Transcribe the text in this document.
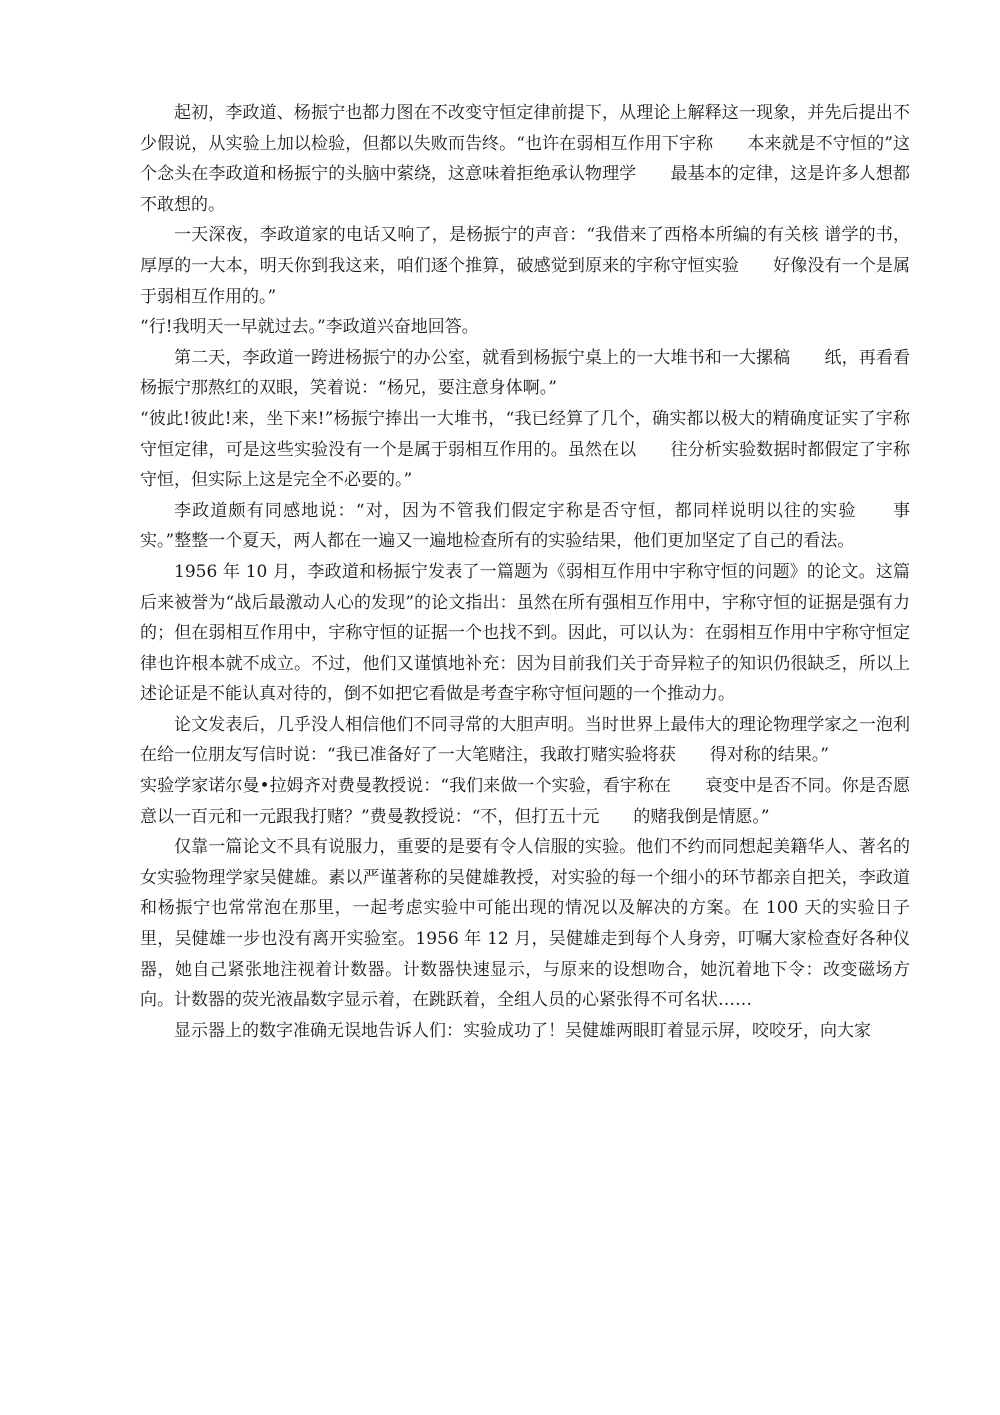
起初，李政道、杨振宁也都力图在不改变守恒定律前提下，从理论上解释这一现象，并先后提出不少假说，从实验上加以检验，但都以失败而告终。“也许在弱相互作用下宇称　　本来就是不守恒的”这个念头在李政道和杨振宁的头脑中萦绕，这意味着拒绝承认物理学　　最基本的定律，这是许多人想都不敢想的。

一天深夜，李政道家的电话又响了，是杨振宁的声音：“我借来了西格本所编的有关核 谱学的书，厚厚的一大本，明天你到我这来，咱们逐个推算，破感觉到原来的宇称守恒实验　　好像没有一个是属于弱相互作用的。”

“行!我明天一早就过去。”李政道兴奋地回答。

第二天，李政道一跨进杨振宁的办公室，就看到杨振宁桌上的一大堆书和一大摞稿　　纸，再看看杨振宁那熬红的双眼，笑着说：“杨兄，要注意身体啊。”

“彼此!彼此!来，坐下来!”杨振宁捧出一大堆书，“我已经算了几个，确实都以极大的精确度证实了宇称守恒定律，可是这些实验没有一个是属于弱相互作用的。虽然在以　　往分析实验数据时都假定了宇称守恒，但实际上这是完全不必要的。”

李政道颇有同感地说：“对，因为不管我们假定宇称是否守恒，都同样说明以往的实验　　事实。”整整一个夏天，两人都在一遍又一遍地检查所有的实验结果，他们更加坚定了自己的看法。

1956 年 10 月，李政道和杨振宁发表了一篇题为《弱相互作用中宇称守恒的问题》的论文。这篇后来被誉为“战后最激动人心的发现”的论文指出：虽然在所有强相互作用中，宇称守恒的证据是强有力的；但在弱相互作用中，宇称守恒的证据一个也找不到。因此，可以认为：在弱相互作用中宇称守恒定律也许根本就不成立。不过，他们又谨慎地补充：因为目前我们关于奇异粒子的知识仍很缺乏，所以上述论证是不能认真对待的，倒不如把它看做是考查宇称守恒问题的一个推动力。

论文发表后，几乎没人相信他们不同寻常的大胆声明。当时世界上最伟大的理论物理学家之一泡利在给一位朋友写信时说：“我已准备好了一大笔赌注，我敢打赌实验将获　　得对称的结果。”

实验学家诺尔曼•拉姆齐对费曼教授说：“我们来做一个实验，看宇称在　　衰变中是否不同。你是否愿意以一百元和一元跟我打赌？”费曼教授说：“不，但打五十元　　的赌我倒是情愿。”

仅靠一篇论文不具有说服力，重要的是要有令人信服的实验。他们不约而同想起美籍华人、著名的女实验物理学家吴健雄。素以严谨著称的吴健雄教授，对实验的每一个细小的环节都亲自把关，李政道和杨振宁也常常泡在那里，一起考虑实验中可能出现的情况以及解决的方案。在 100 天的实验日子里，吴健雄一步也没有离开实验室。1956 年 12 月，吴健雄走到每个人身旁，叮嘱大家检查好各种仪器，她自己紧张地注视着计数器。计数器快速显示，与原来的设想吻合，她沉着地下令：改变磁场方向。计数器的荧光液晶数字显示着，在跳跃着，全组人员的心紧张得不可名状……

显示器上的数字准确无误地告诉人们：实验成功了！吴健雄两眼盯着显示屏，咬咬牙，向大家
